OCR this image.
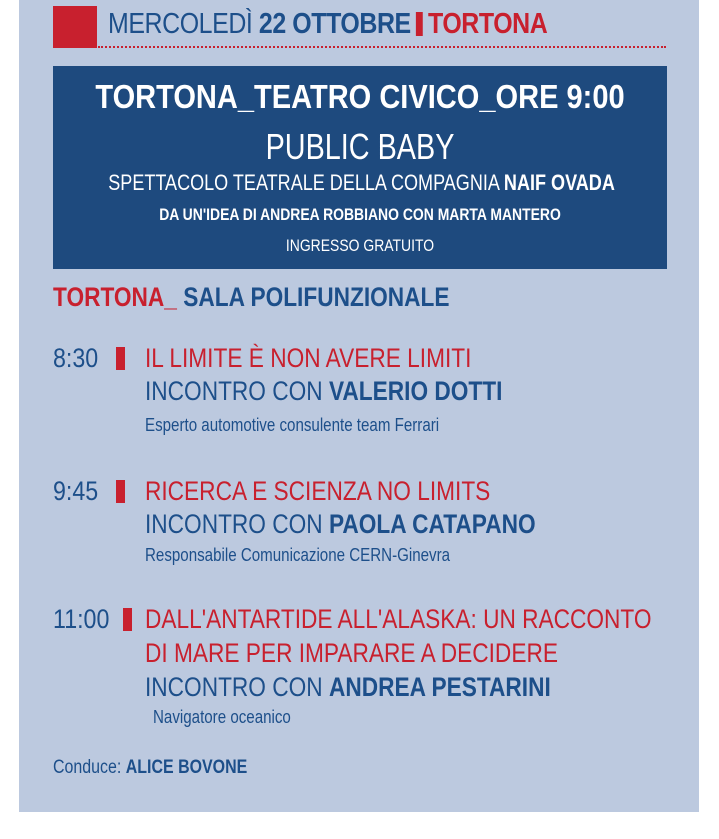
MERCOLEDÌ 22 OTTOBRE TORTONA
TORTONA_TEATRO CIVICO_ORE 9:00
PUBLIC BABY
SPETTACOLO TEATRALE DELLA COMPAGNIA NAIF OVADA
DA UN'IDEA DI ANDREA ROBBIANO CON MARTA MANTERO
INGRESSO GRATUITO
TORTONA_ SALA POLIFUNZIONALE
8:30 IL LIMITE È NON AVERE LIMITI
INCONTRO CON VALERIO DOTTI
Esperto automotive consulente team Ferrari
9:45 RICERCA E SCIENZA NO LIMITS
INCONTRO CON PAOLA CATAPANO
Responsabile Comunicazione CERN-Ginevra
11:00 DALL'ANTARTIDE ALL'ALASKA: UN RACCONTO
DI MARE PER IMPARARE A DECIDERE
INCONTRO CON ANDREA PESTARINI
Navigatore oceanico
Conduce: ALICE BOVONE
